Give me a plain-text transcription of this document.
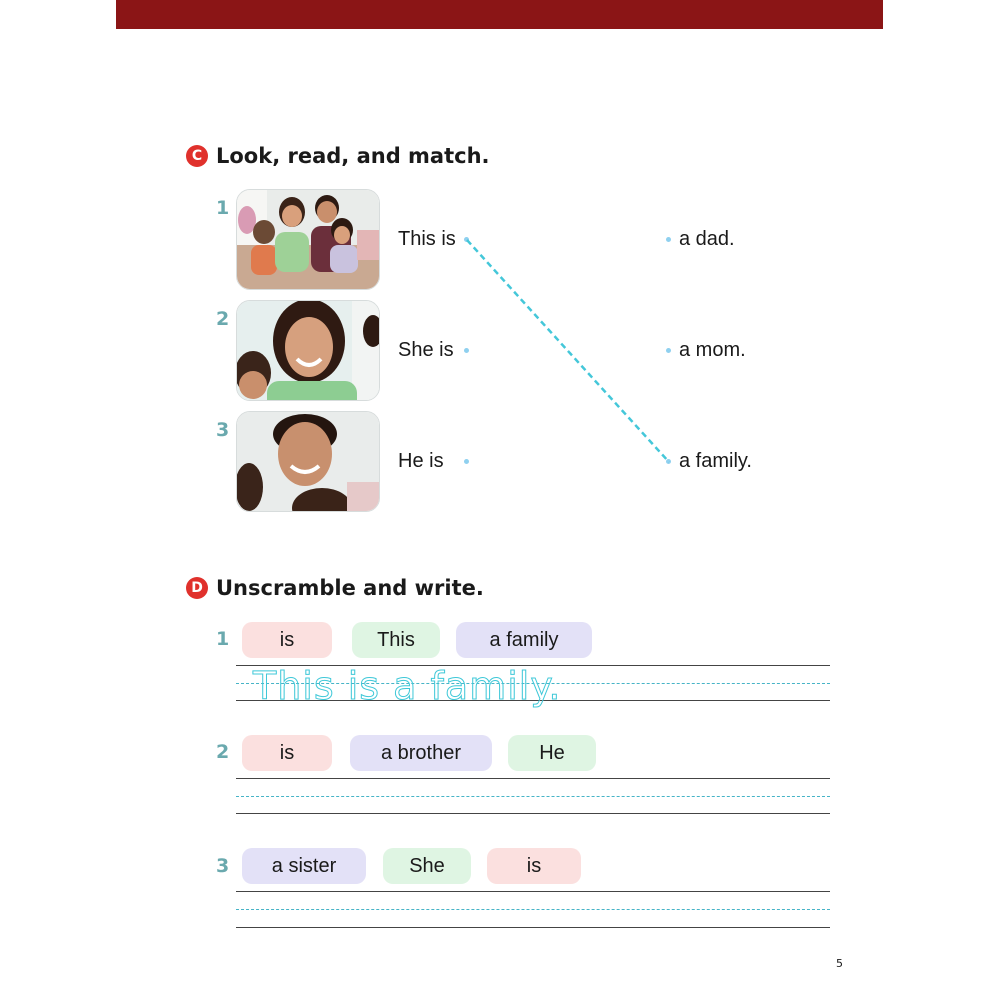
C Look, read, and match.
1
2
3
This is
She is
He is
a dad.
a mom.
a family.
D Unscramble and write.
1	is	This	a family
This is a family.
2	is	a brother	He
3	a sister	She	is
5
